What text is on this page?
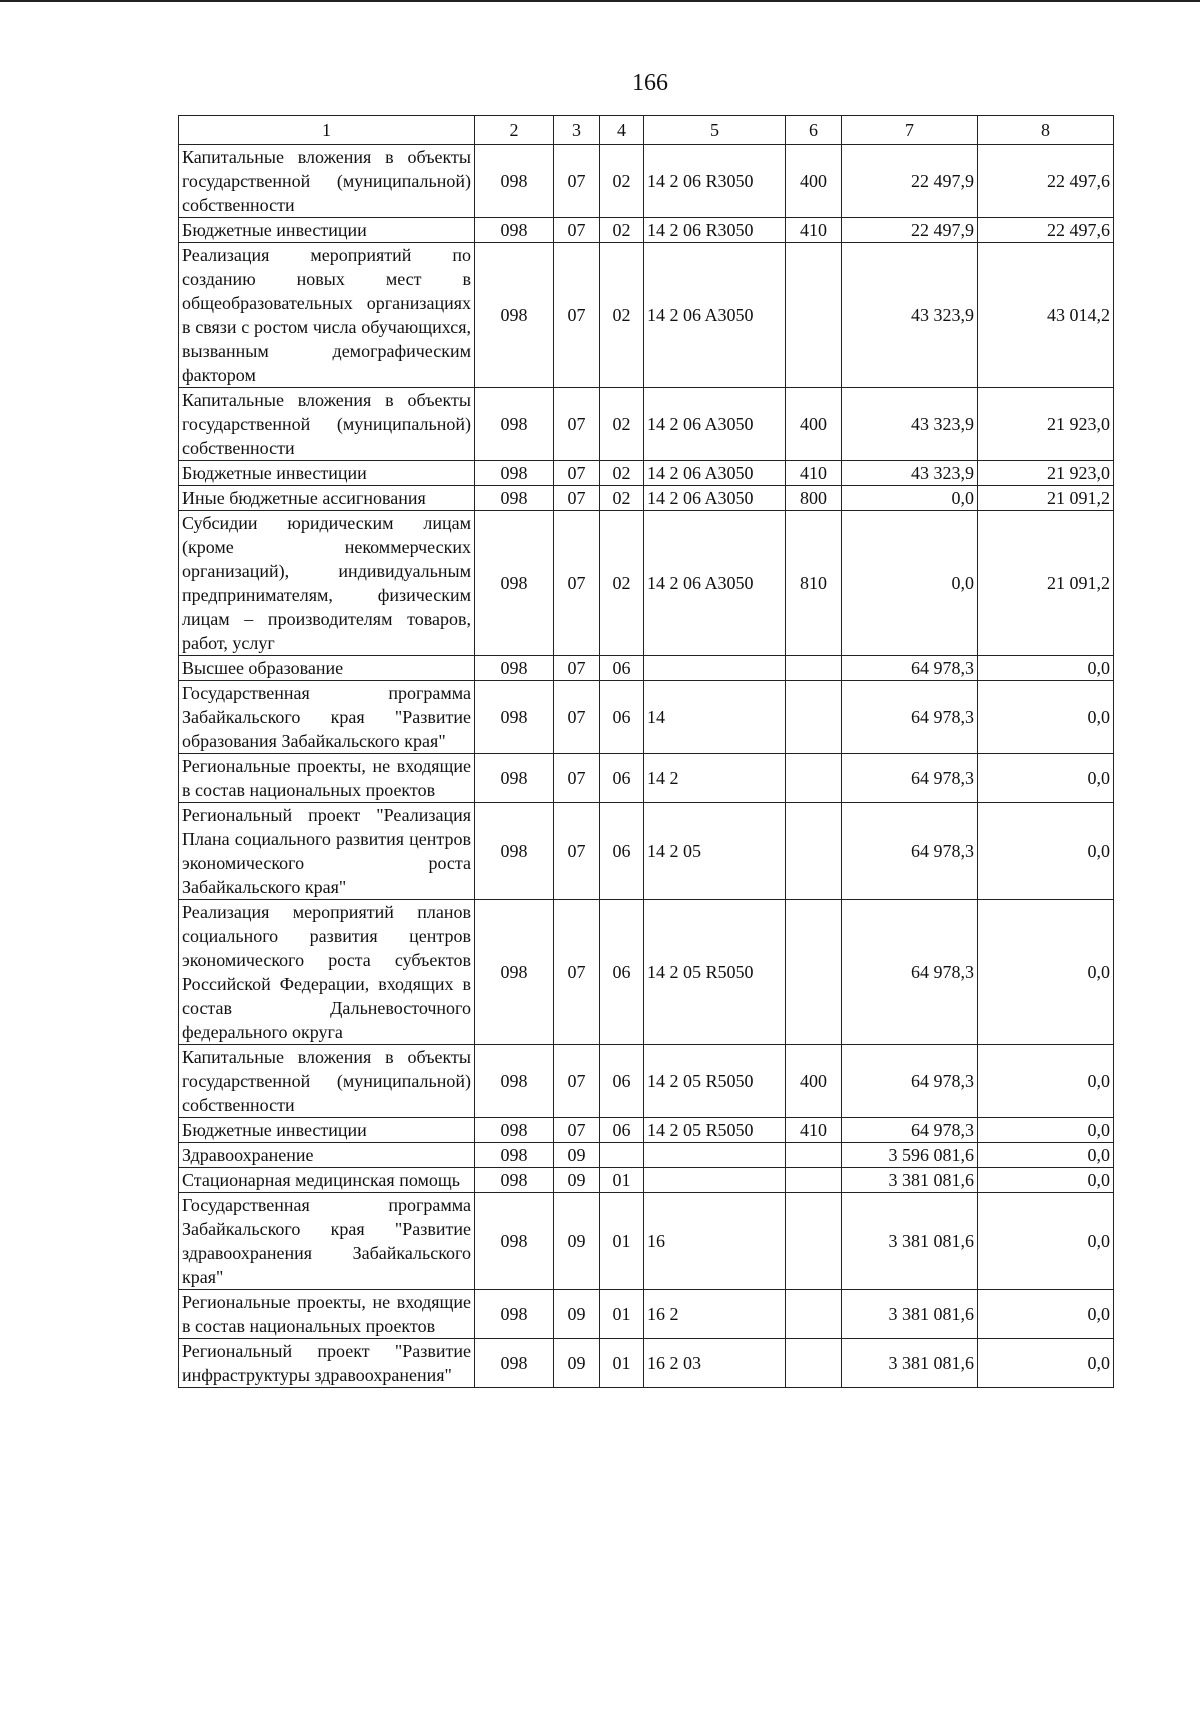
166
1	2	3	4	5	6	7	8
Капитальные вложения в объекты государственной (муниципальной) собственности	098	07	02	14 2 06 R3050	400	22 497,9	22 497,6
Бюджетные инвестиции	098	07	02	14 2 06 R3050	410	22 497,9	22 497,6
Реализация мероприятий по созданию новых мест в общеобразовательных организациях в связи с ростом числа обучающихся, вызванным демографическим фактором	098	07	02	14 2 06 A3050		43 323,9	43 014,2
Капитальные вложения в объекты государственной (муниципальной) собственности	098	07	02	14 2 06 A3050	400	43 323,9	21 923,0
Бюджетные инвестиции	098	07	02	14 2 06 A3050	410	43 323,9	21 923,0
Иные бюджетные ассигнования	098	07	02	14 2 06 A3050	800	0,0	21 091,2
Субсидии юридическим лицам (кроме некоммерческих организаций), индивидуальным предпринимателям, физическим лицам – производителям товаров, работ, услуг	098	07	02	14 2 06 A3050	810	0,0	21 091,2
Высшее образование	098	07	06			64 978,3	0,0
Государственная программа Забайкальского края "Развитие образования Забайкальского края"	098	07	06	14		64 978,3	0,0
Региональные проекты, не входящие в состав национальных проектов	098	07	06	14 2		64 978,3	0,0
Региональный проект "Реализация Плана социального развития центров экономического роста Забайкальского края"	098	07	06	14 2 05		64 978,3	0,0
Реализация мероприятий планов социального развития центров экономического роста субъектов Российской Федерации, входящих в состав Дальневосточного федерального округа	098	07	06	14 2 05 R5050		64 978,3	0,0
Капитальные вложения в объекты государственной (муниципальной) собственности	098	07	06	14 2 05 R5050	400	64 978,3	0,0
Бюджетные инвестиции	098	07	06	14 2 05 R5050	410	64 978,3	0,0
Здравоохранение	098	09				3 596 081,6	0,0
Стационарная медицинская помощь	098	09	01			3 381 081,6	0,0
Государственная программа Забайкальского края "Развитие здравоохранения Забайкальского края"	098	09	01	16		3 381 081,6	0,0
Региональные проекты, не входящие в состав национальных проектов	098	09	01	16 2		3 381 081,6	0,0
Региональный проект "Развитие инфраструктуры здравоохранения"	098	09	01	16 2 03		3 381 081,6	0,0
